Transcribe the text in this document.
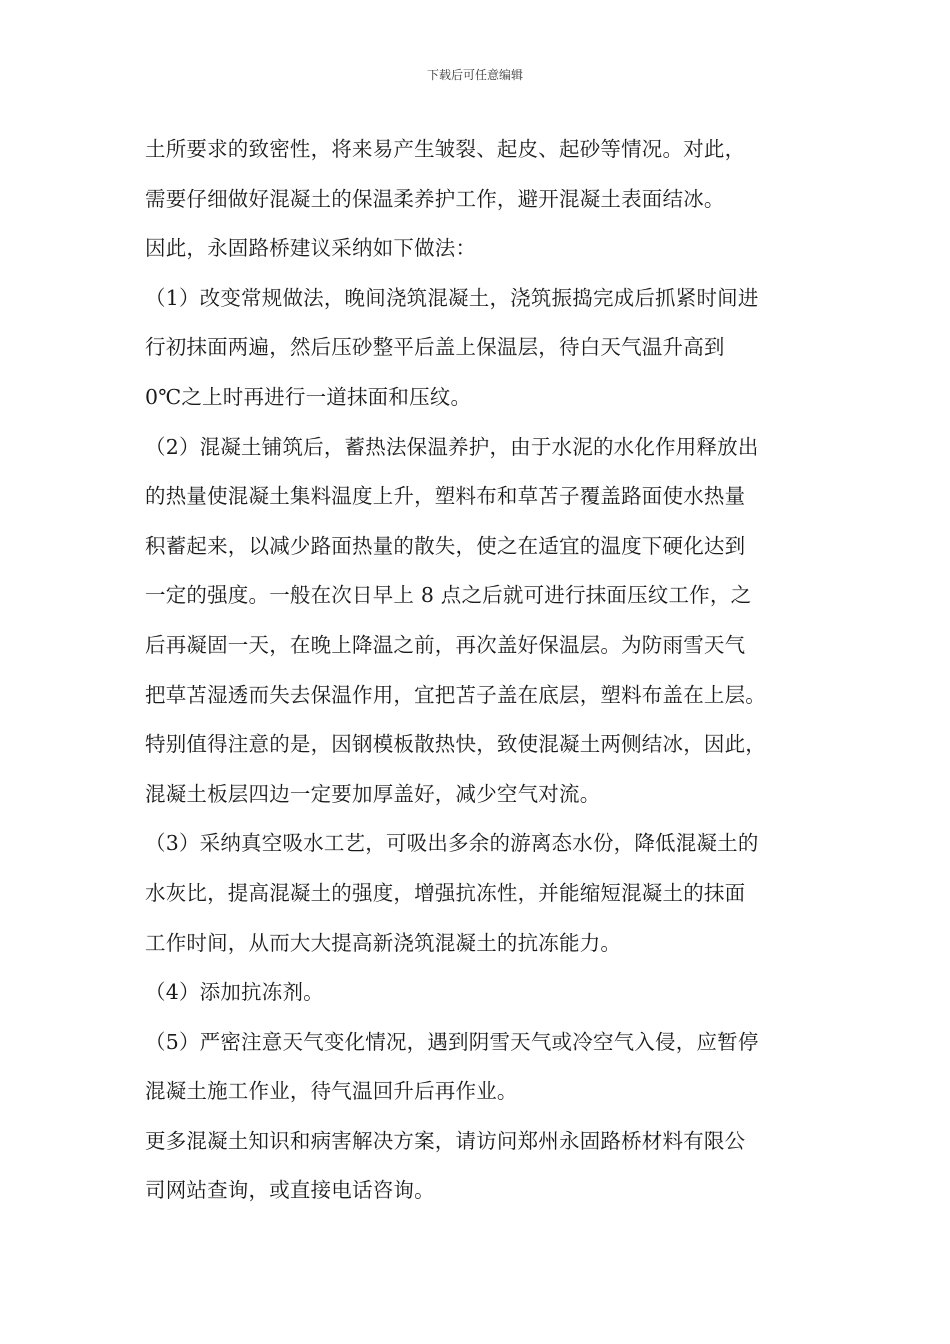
下载后可任意编辑
土所要求的致密性，将来易产生皱裂、起皮、起砂等情况。对此，
需要仔细做好混凝土的保温柔养护工作，避开混凝土表面结冰。
因此，永固路桥建议采纳如下做法：
（1）改变常规做法，晚间浇筑混凝土，浇筑振捣完成后抓紧时间进
行初抹面两遍，然后压砂整平后盖上保温层，待白天气温升高到
0℃之上时再进行一道抹面和压纹。
（2）混凝土铺筑后，蓄热法保温养护，由于水泥的水化作用释放出
的热量使混凝土集料温度上升，塑料布和草苫子覆盖路面使水热量
积蓄起来，以减少路面热量的散失，使之在适宜的温度下硬化达到
一定的强度。一般在次日早上 8 点之后就可进行抹面压纹工作，之
后再凝固一天，在晚上降温之前，再次盖好保温层。为防雨雪天气
把草苫湿透而失去保温作用，宜把苫子盖在底层，塑料布盖在上层。
特别值得注意的是，因钢模板散热快，致使混凝土两侧结冰，因此，
混凝土板层四边一定要加厚盖好，减少空气对流。
（3）采纳真空吸水工艺，可吸出多余的游离态水份，降低混凝土的
水灰比，提高混凝土的强度，增强抗冻性，并能缩短混凝土的抹面
工作时间，从而大大提高新浇筑混凝土的抗冻能力。
（4）添加抗冻剂。
（5）严密注意天气变化情况，遇到阴雪天气或冷空气入侵，应暂停
混凝土施工作业，待气温回升后再作业。
更多混凝土知识和病害解决方案，请访问郑州永固路桥材料有限公
司网站查询，或直接电话咨询。
